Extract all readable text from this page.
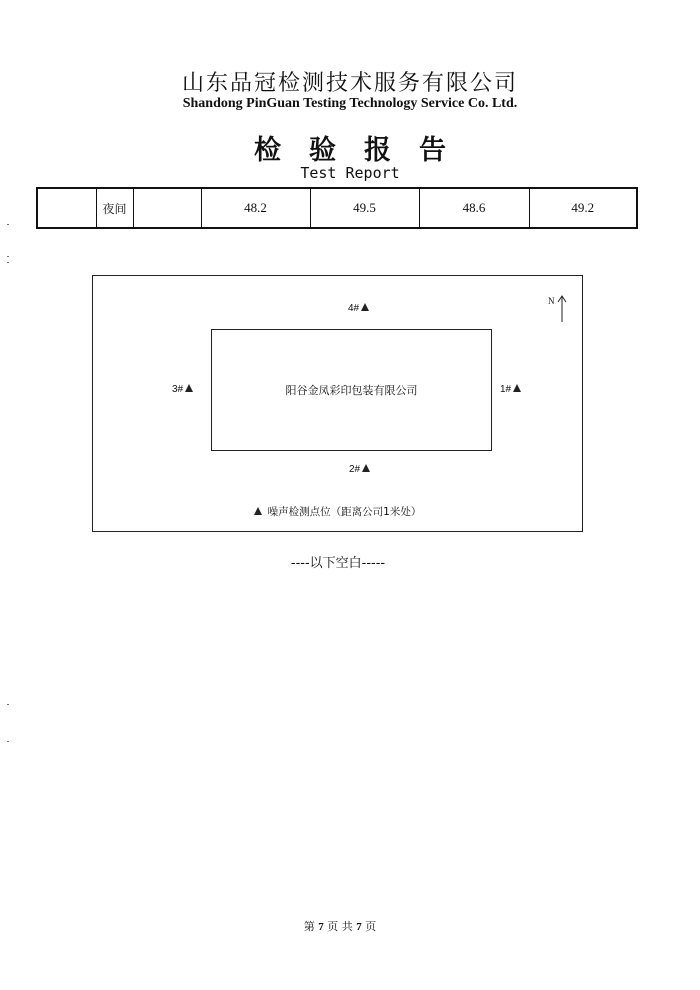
山东品冠检测技术服务有限公司
Shandong PinGuan Testing Technology Service Co. Ltd.
检验报告
Test Report
	夜间		48.2	49.5	48.6	49.2
阳谷金凤彩印包装有限公司
4#
3#	1#
2#
N
噪声检测点位（距离公司1米处）
----以下空白-----
第 7 页 共 7 页
